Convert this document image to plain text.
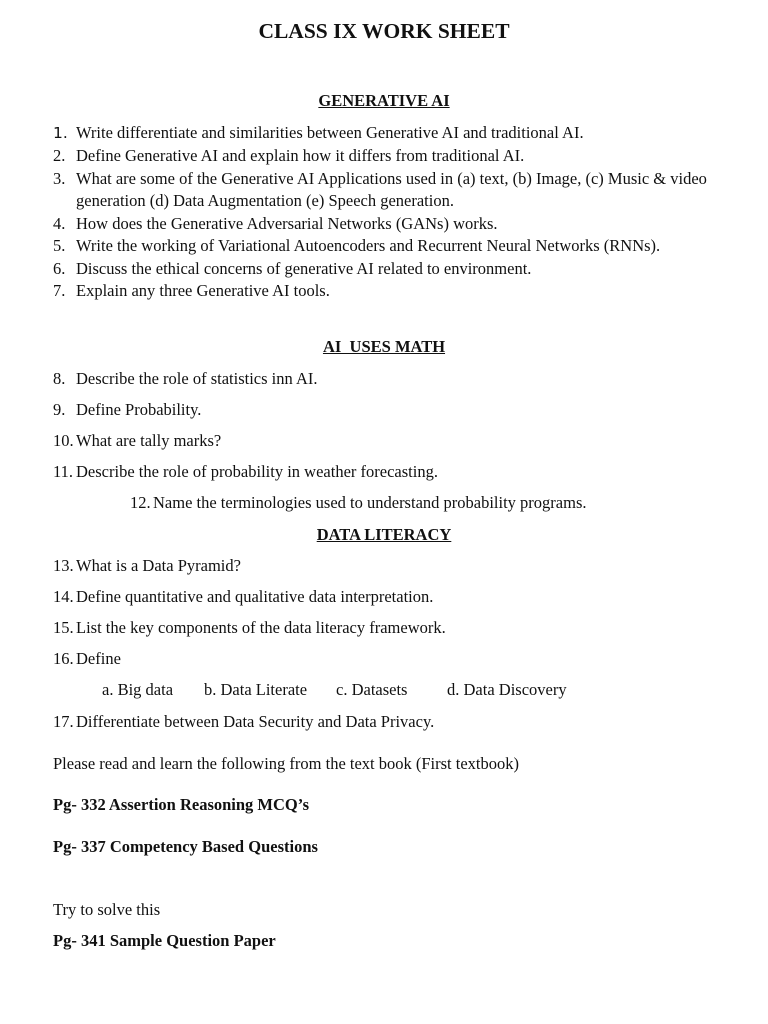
CLASS IX WORK SHEET
GENERATIVE AI
1. Write differentiate and similarities between Generative AI and traditional AI.
2. Define Generative AI and explain how it differs from traditional AI.
3. What are some of the Generative AI Applications used in (a) text, (b) Image, (c) Music & video
generation (d) Data Augmentation (e) Speech generation.
4. How does the Generative Adversarial Networks (GANs) works.
5. Write the working of Variational Autoencoders and Recurrent Neural Networks (RNNs).
6. Discuss the ethical concerns of generative AI related to environment.
7. Explain any three Generative AI tools.
AI  USES MATH
8. Describe the role of statistics inn AI.
9. Define Probability.
10. What are tally marks?
11. Describe the role of probability in weather forecasting.
12. Name the terminologies used to understand probability programs.
DATA LITERACY
13. What is a Data Pyramid?
14. Define quantitative and qualitative data interpretation.
15. List the key components of the data literacy framework.
16. Define
a. Big data b. Data Literate c. Datasets d. Data Discovery
17. Differentiate between Data Security and Data Privacy.
Please read and learn the following from the text book (First textbook)
Pg- 332 Assertion Reasoning MCQ’s
Pg- 337 Competency Based Questions
Try to solve this
Pg- 341 Sample Question Paper
